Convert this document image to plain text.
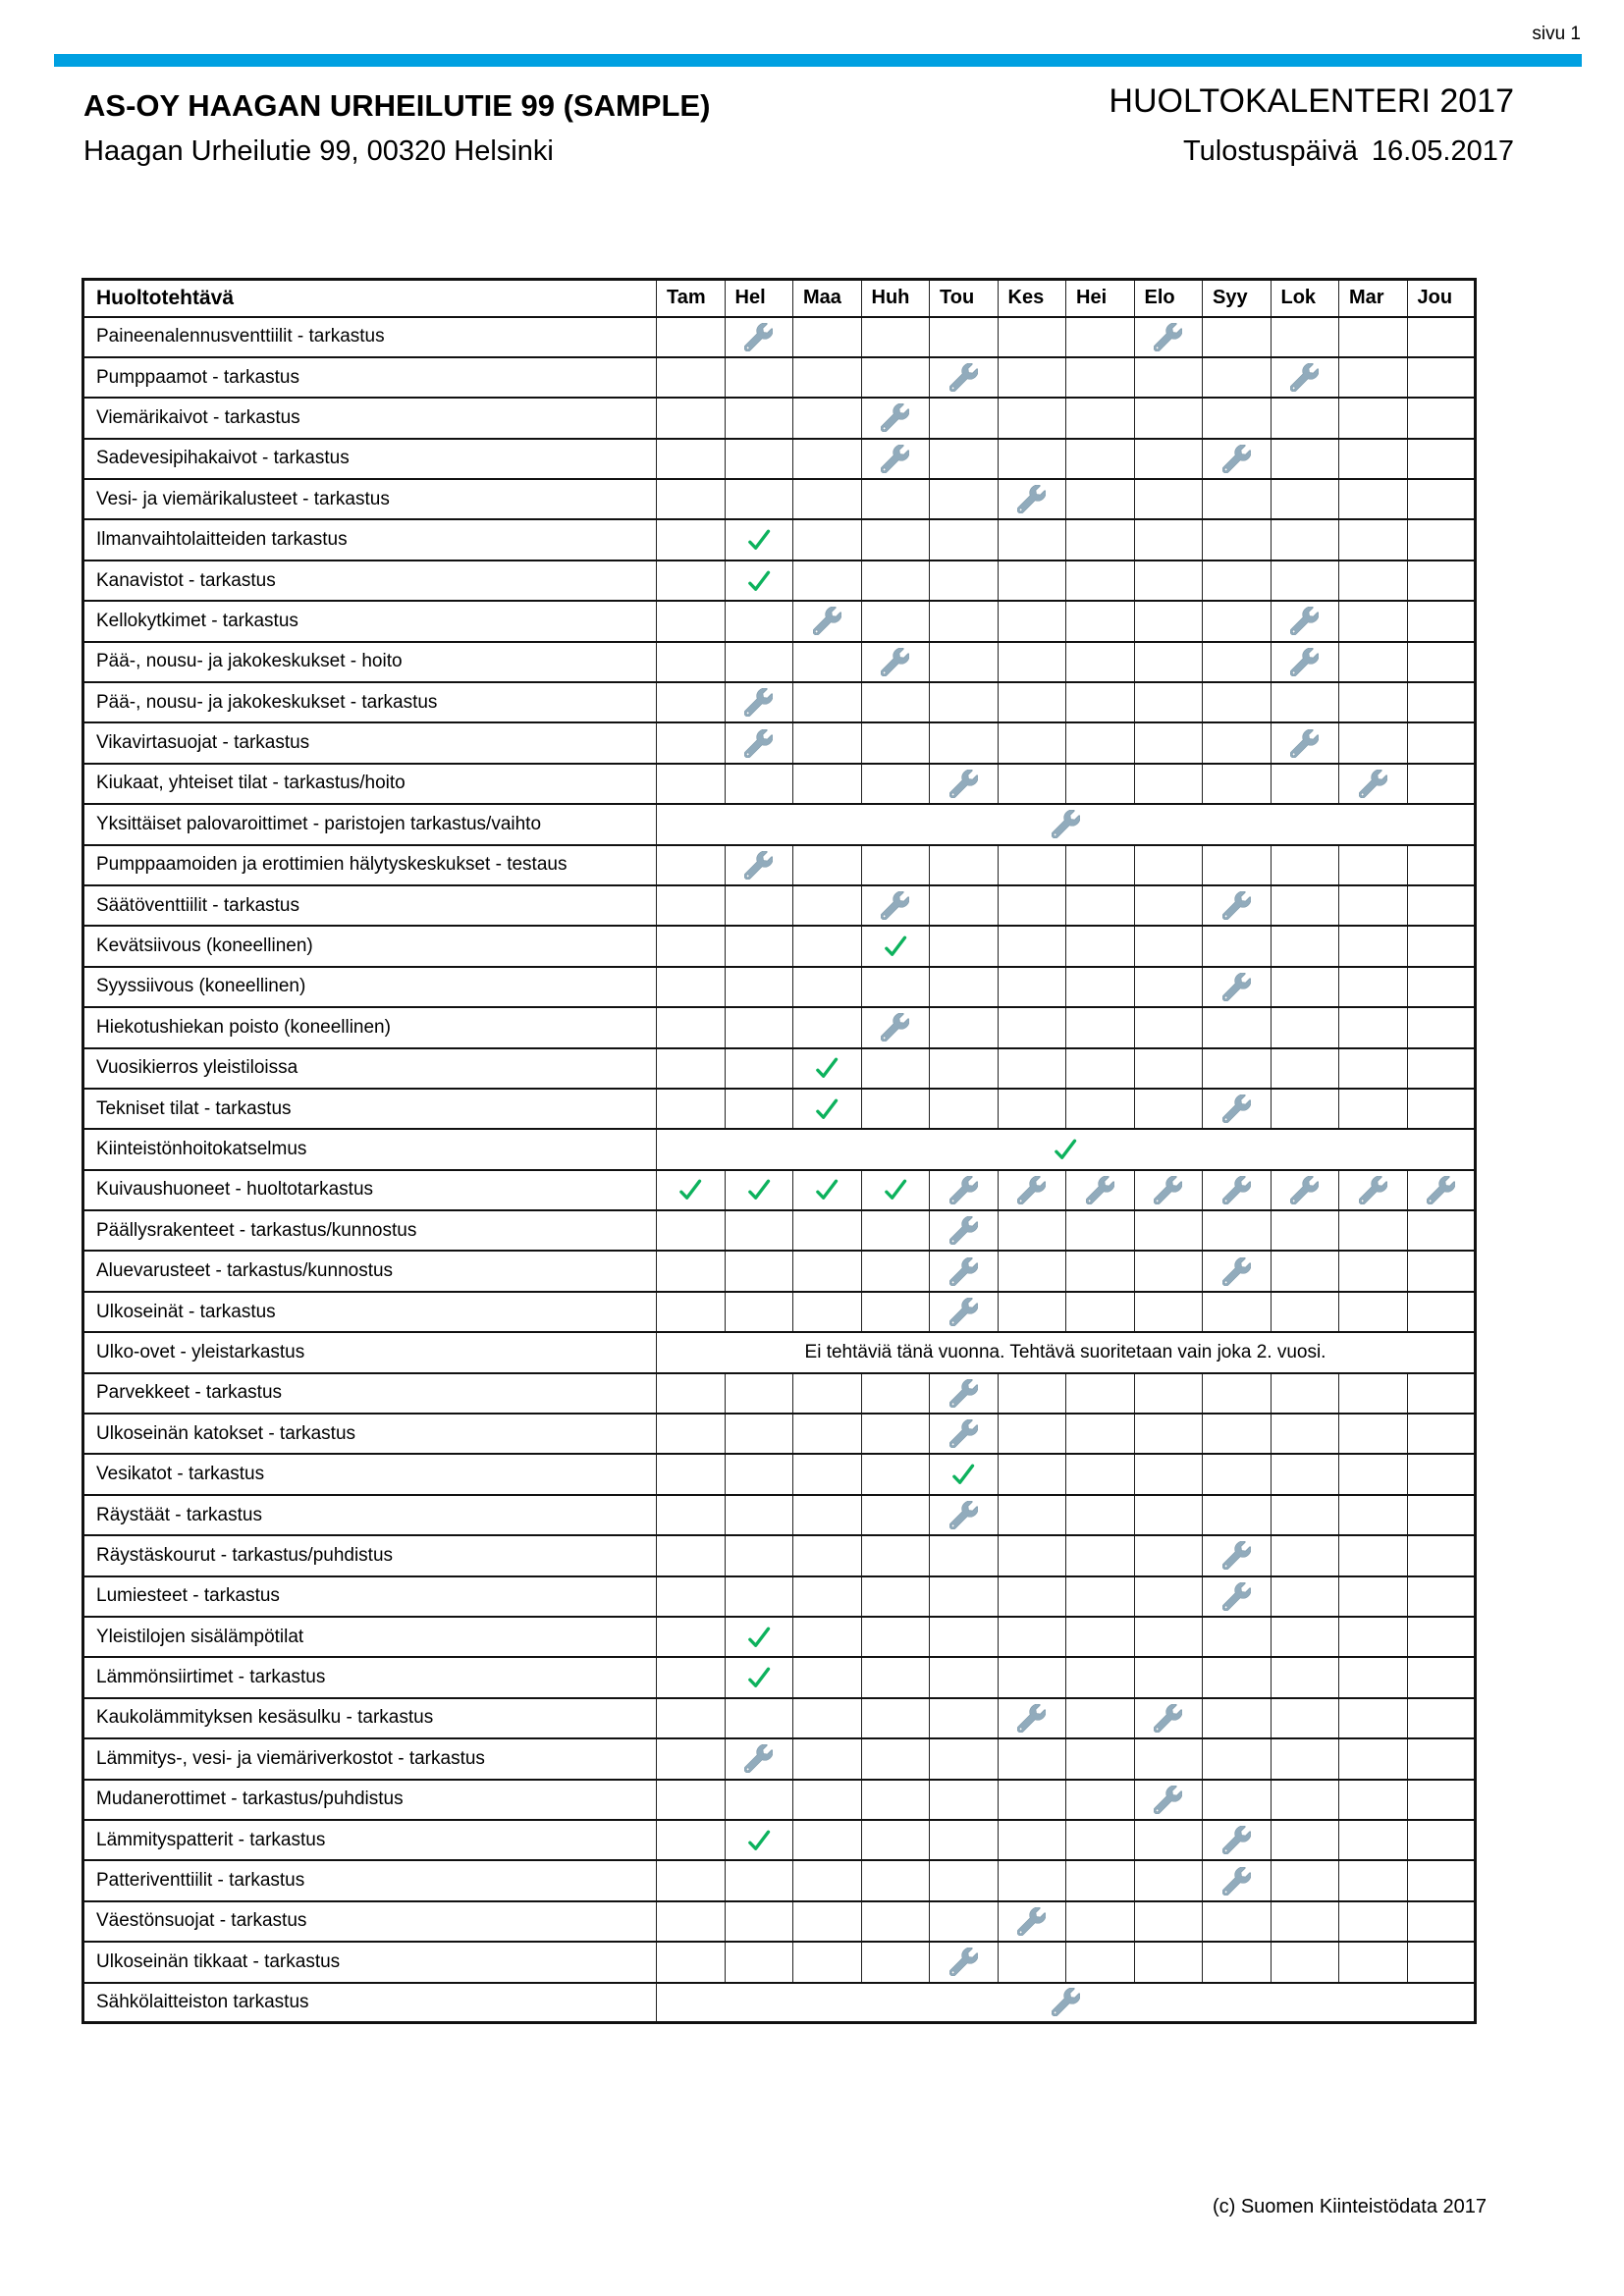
sivu 1
AS-OY HAAGAN URHEILUTIE 99 (SAMPLE)	HUOLTOKALENTERI 2017
Haagan Urheilutie 99, 00320 Helsinki	Tulostuspäivä 16.05.2017
Huoltotehtävä	Tam	Hel	Maa	Huh	Tou	Kes	Hei	Elo	Syy	Lok	Mar	Jou
Paineenalennusventtiilit - tarkastus												
Pumppaamot - tarkastus												
Viemärikaivot - tarkastus												
Sadevesipihakaivot - tarkastus												
Vesi- ja viemärikalusteet - tarkastus												
Ilmanvaihtolaitteiden tarkastus												
Kanavistot - tarkastus												
Kellokytkimet - tarkastus												
Pää-, nousu- ja jakokeskukset - hoito												
Pää-, nousu- ja jakokeskukset - tarkastus												
Vikavirtasuojat - tarkastus												
Kiukaat, yhteiset tilat - tarkastus/hoito												
Yksittäiset palovaroittimet - paristojen tarkastus/vaihto	
Pumppaamoiden ja erottimien hälytyskeskukset - testaus												
Säätöventtiilit - tarkastus												
Kevätsiivous (koneellinen)												
Syyssiivous (koneellinen)												
Hiekotushiekan poisto (koneellinen)												
Vuosikierros yleistiloissa												
Tekniset tilat - tarkastus												
Kiinteistönhoitokatselmus	
Kuivaushuoneet - huoltotarkastus												
Päällysrakenteet - tarkastus/kunnostus												
Aluevarusteet - tarkastus/kunnostus												
Ulkoseinät - tarkastus												
Ulko-ovet - yleistarkastus	Ei tehtäviä tänä vuonna. Tehtävä suoritetaan vain joka 2. vuosi.											
Parvekkeet - tarkastus												
Ulkoseinän katokset - tarkastus												
Vesikatot - tarkastus												
Räystäät - tarkastus												
Räystäskourut - tarkastus/puhdistus												
Lumiesteet - tarkastus												
Yleistilojen sisälämpötilat												
Lämmönsiirtimet - tarkastus												
Kaukolämmityksen kesäsulku - tarkastus												
Lämmitys-, vesi- ja viemäriverkostot - tarkastus												
Mudanerottimet - tarkastus/puhdistus												
Lämmityspatterit - tarkastus												
Patteriventtiilit - tarkastus												
Väestönsuojat - tarkastus												
Ulkoseinän tikkaat - tarkastus												
Sähkölaitteiston tarkastus	
(c) Suomen Kiinteistödata 2017
